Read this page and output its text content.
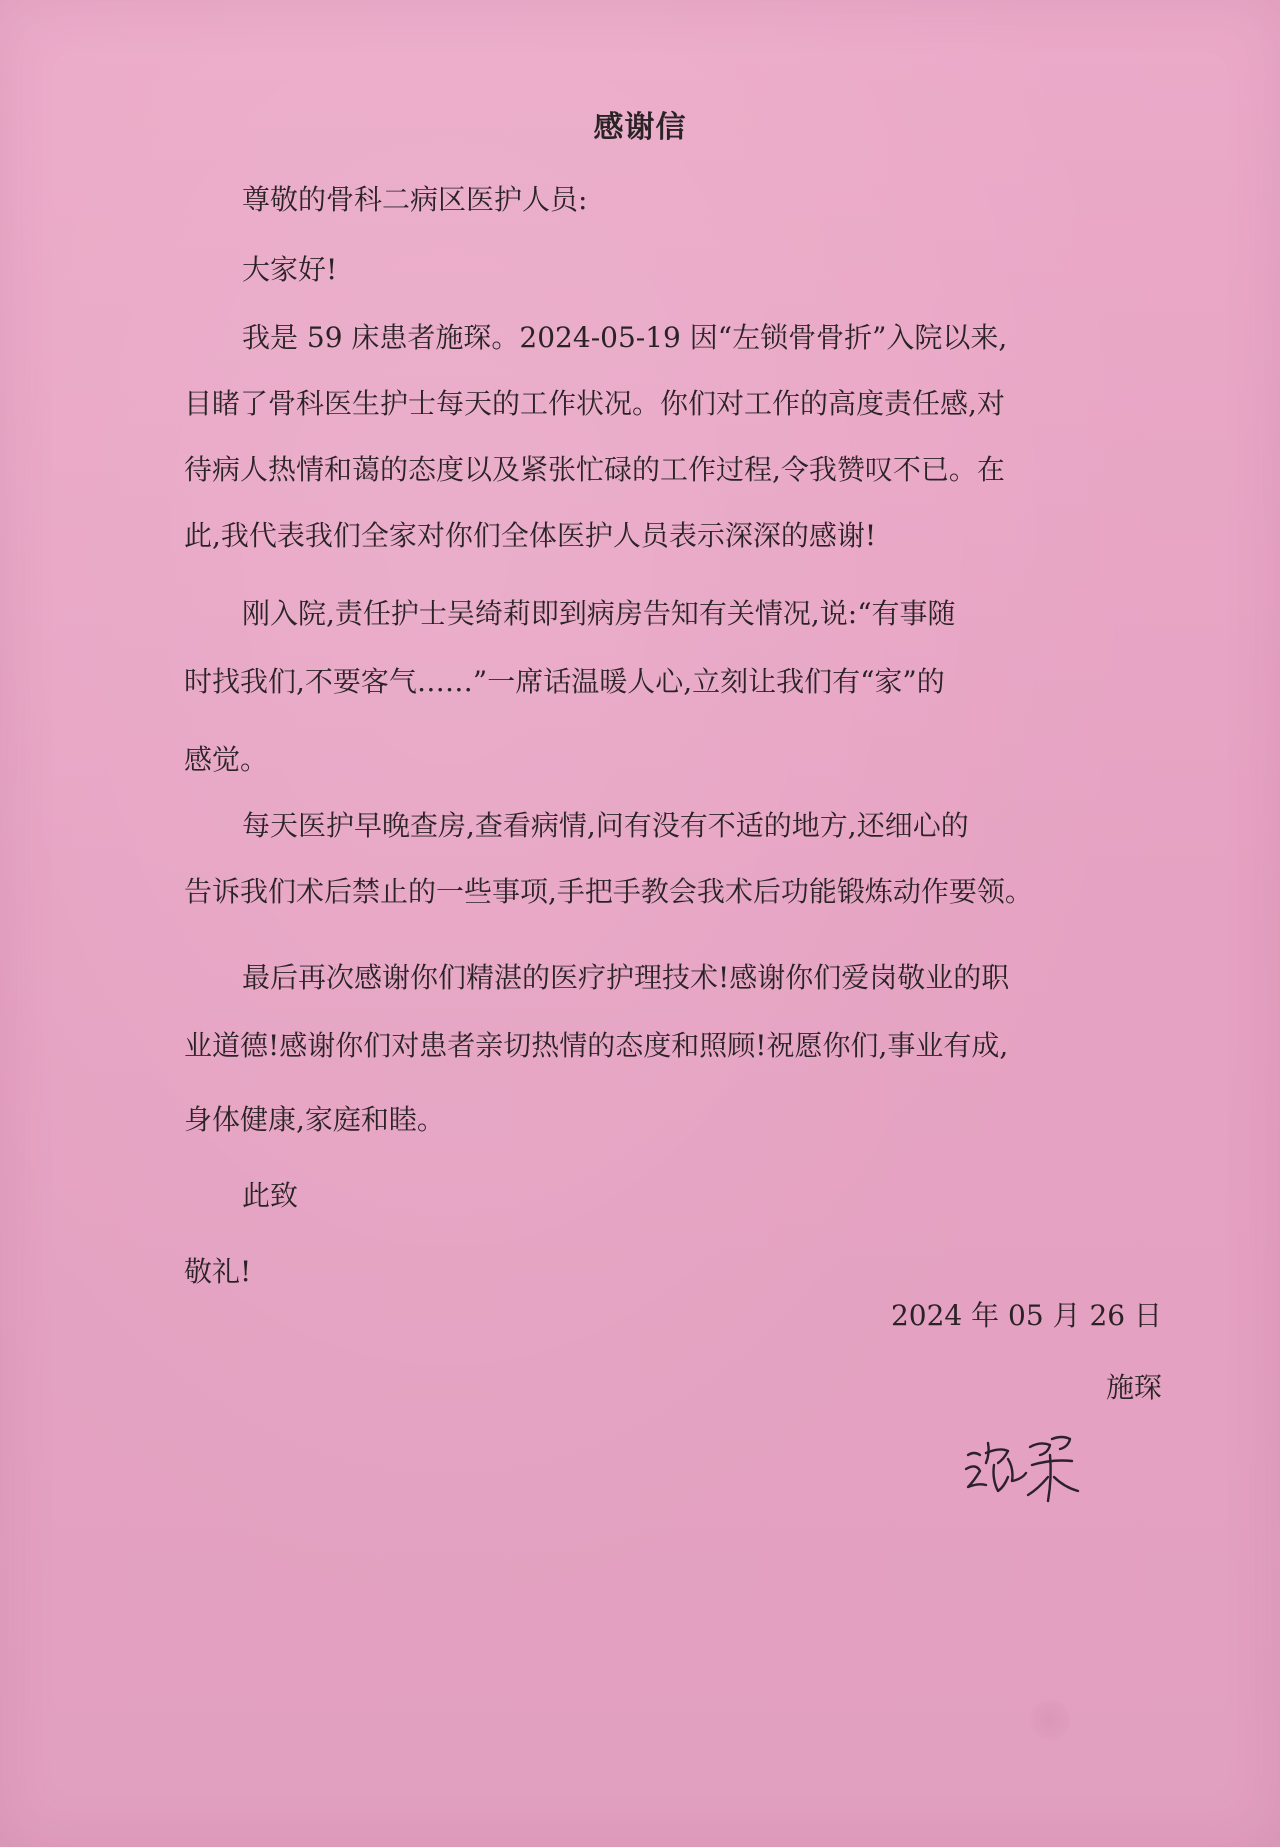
感谢信
尊敬的骨科二病区医护人员:
大家好!
我是 59 床患者施琛。2024-05-19 因“左锁骨骨折”入院以来,
目睹了骨科医生护士每天的工作状况。你们对工作的高度责任感,对
待病人热情和蔼的态度以及紧张忙碌的工作过程,令我赞叹不已。在
此,我代表我们全家对你们全体医护人员表示深深的感谢!
刚入院,责任护士吴绮莉即到病房告知有关情况,说:“有事随
时找我们,不要客气……”一席话温暖人心,立刻让我们有“家”的
感觉。
每天医护早晚查房,查看病情,问有没有不适的地方,还细心的
告诉我们术后禁止的一些事项,手把手教会我术后功能锻炼动作要领。
最后再次感谢你们精湛的医疗护理技术!感谢你们爱岗敬业的职
业道德!感谢你们对患者亲切热情的态度和照顾!祝愿你们,事业有成,
身体健康,家庭和睦。
此致
敬礼!
2024 年 05 月 26 日
施琛
